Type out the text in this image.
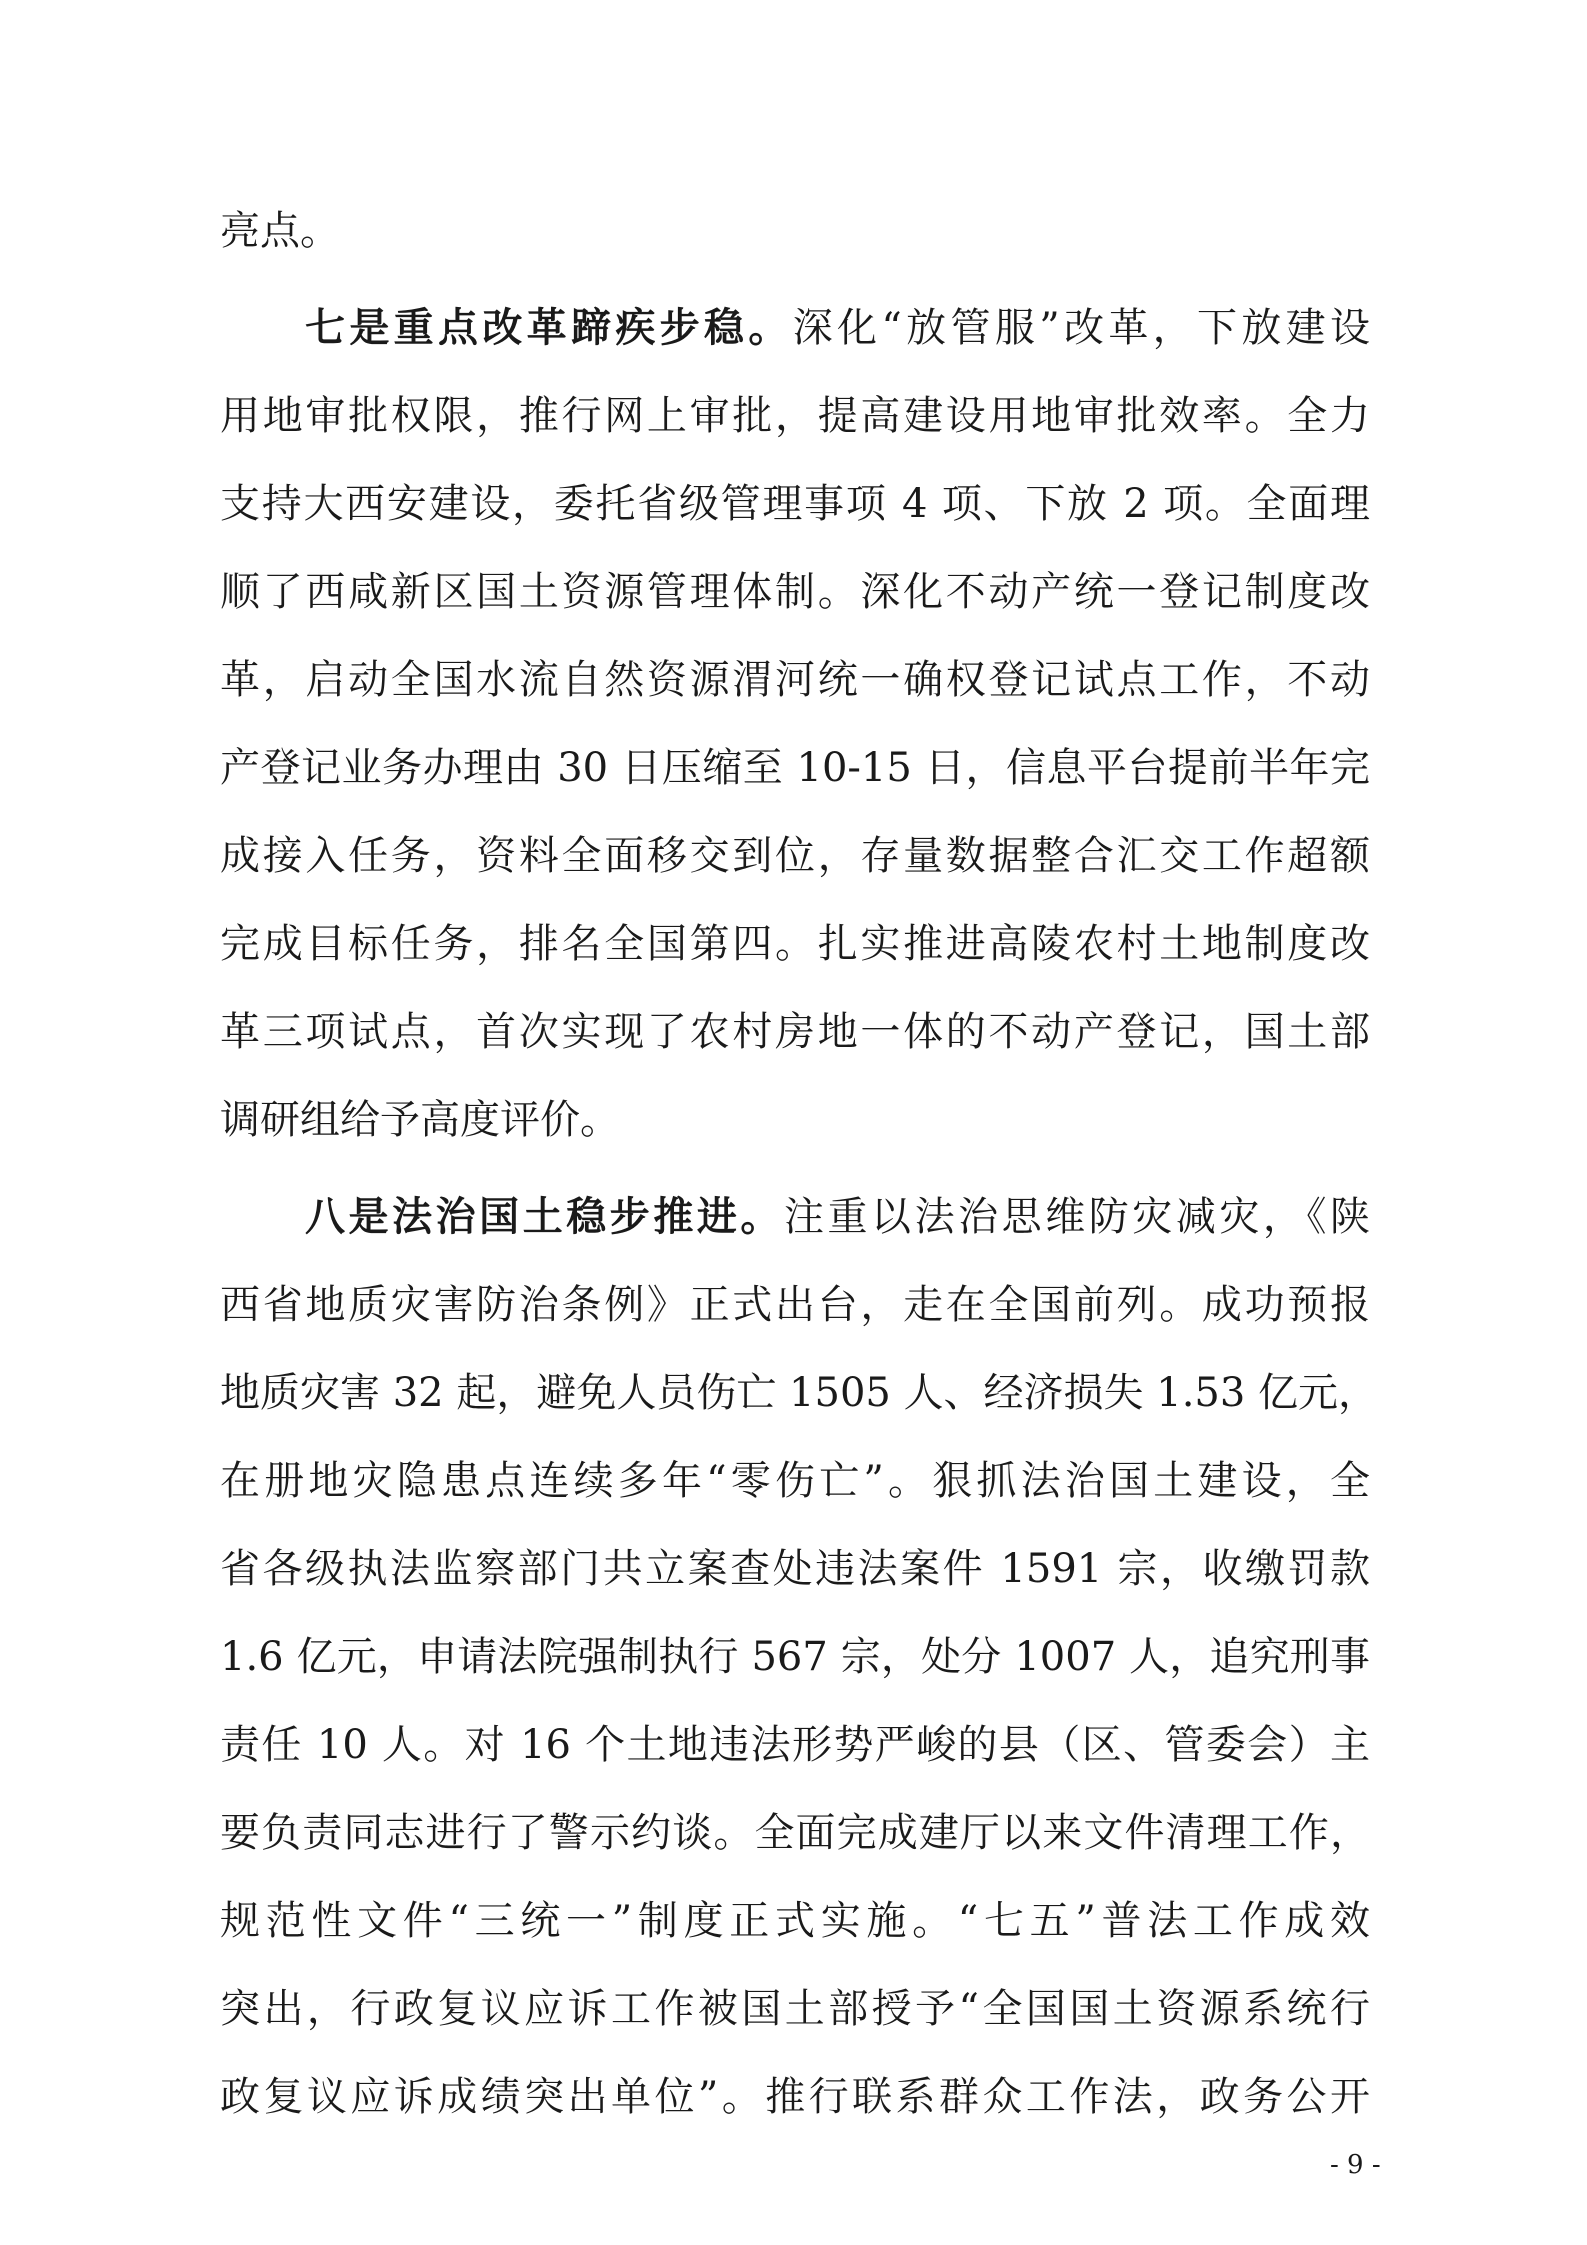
亮点。
七是重点改革蹄疾步稳。深化“放管服”改革，下放建设
用地审批权限，推行网上审批，提高建设用地审批效率。全力
支持大西安建设，委托省级管理事项 4 项、下放 2 项。全面理
顺了西咸新区国土资源管理体制。深化不动产统一登记制度改
革，启动全国水流自然资源渭河统一确权登记试点工作，不动
产登记业务办理由 30 日压缩至 10-15 日，信息平台提前半年完
成接入任务，资料全面移交到位，存量数据整合汇交工作超额
完成目标任务，排名全国第四。扎实推进高陵农村土地制度改
革三项试点，首次实现了农村房地一体的不动产登记，国土部
调研组给予高度评价。
八是法治国土稳步推进。注重以法治思维防灾减灾，《陕
西省地质灾害防治条例》正式出台，走在全国前列。成功预报
地质灾害 32 起，避免人员伤亡 1505 人、经济损失 1.53 亿元，
在册地灾隐患点连续多年“零伤亡”。狠抓法治国土建设，全
省各级执法监察部门共立案查处违法案件 1591 宗，收缴罚款
1.6 亿元，申请法院强制执行 567 宗，处分 1007 人，追究刑事
责任 10 人。对 16 个土地违法形势严峻的县（区、管委会）主
要负责同志进行了警示约谈。全面完成建厅以来文件清理工作，
规范性文件“三统一”制度正式实施。“七五”普法工作成效
突出，行政复议应诉工作被国土部授予“全国国土资源系统行
政复议应诉成绩突出单位”。推行联系群众工作法，政务公开
- 9 -
